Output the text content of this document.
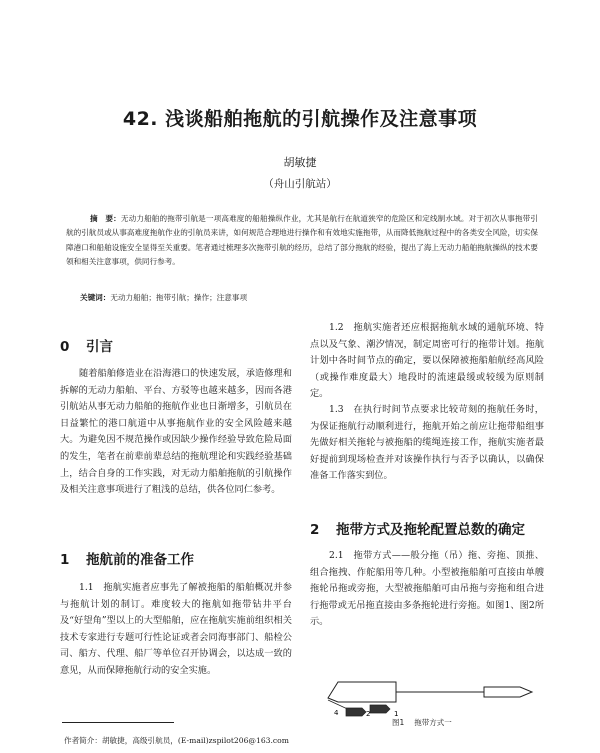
42. 浅谈船舶拖航的引航操作及注意事项
胡敏捷
（舟山引航站）
摘　要：无动力船舶的拖带引航是一项高难度的船舶操纵作业，尤其是航行在航道狭窄的危险区和定线制水域。对于初次从事拖带引航的引航员或从事高难度拖航作业的引航员来讲，如何规范合理地进行操作和有效地实施拖带，从而降低拖航过程中的各类安全风险，切实保障港口和船舶设施安全显得至关重要。笔者通过梳理多次拖带引航的经历，总结了部分拖航的经验，提出了海上无动力船舶拖航操纵的技术要领和相关注意事项，供同行参考。
关键词：无动力船舶；拖带引航；操作；注意事项
0 引言

随着船舶修造业在沿海港口的快速发展，承造修理和拆解的无动力船舶、平台、方驳等也越来越多，因而各港引航站从事无动力船舶的拖航作业也日渐增多，引航员在日益繁忙的港口航道中从事拖航作业的安全风险越来越大。为避免因不规范操作或因缺少操作经验导致危险局面的发生，笔者在前辈前辈总结的拖航理论和实践经验基础上，结合自身的工作实践，对无动力船舶拖航的引航操作及相关注意事项进行了粗浅的总结，供各位同仁参考。

1 拖航前的准备工作

1.1　拖航实施者应事先了解被拖船的船舶概况并参与拖航计划的制订。难度较大的拖航如拖带钻井平台及“好望角”型以上的大型船舶，应在拖航实施前组织相关技术专家进行专题可行性论证或者会同海事部门、船检公司、船方、代理、船厂等单位召开协调会，以达成一致的意见，从而保障拖航行动的安全实施。

1.2　拖航实施者还应根据拖航水域的通航环境、特点以及气象、潮汐情况，制定周密可行的拖带计划。拖航计划中各时间节点的确定，要以保障被拖船舶航经高风险（或操作难度最大）地段时的流速最缓或较缓为原则制定。

1.3　在执行时间节点要求比较苛刻的拖航任务时，为保证拖航行动顺利进行，拖航开始之前应让拖带船组事先做好相关拖轮与被拖船的缆绳连接工作，拖航实施者最好提前到现场检查并对该操作执行与否予以确认，以确保准备工作落实到位。

2 拖带方式及拖轮配置总数的确定

2.1　拖带方式——般分拖（吊）拖、旁拖、顶推、组合拖拽、作舵船用等几种。小型被拖船舶可直接由单艘拖轮吊拖或旁拖，大型被拖船舶可由吊拖与旁拖和组合进行拖带或无吊拖直接由多条拖轮进行旁拖。如图1、图2所示。

4	2	1
图1 拖带方式一
作者简介：胡敏捷，高级引航员，(E-mail)zspilot206@163.com
